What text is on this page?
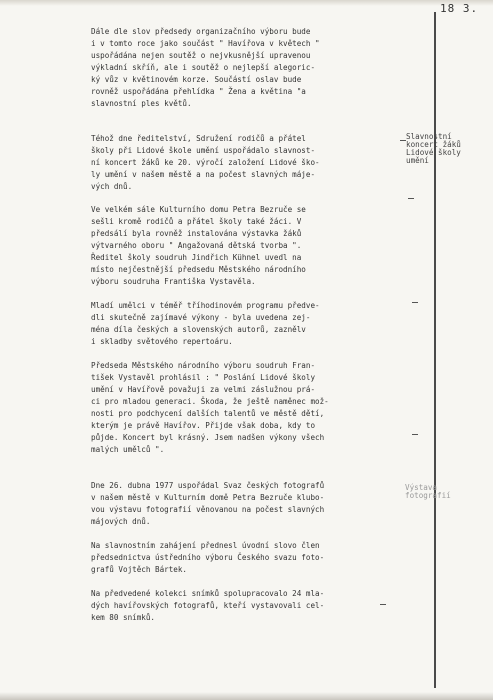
18 3.

Dále dle slov předsedy organizačního výboru bude

i v tomto roce jako součást " Havířova v květech "

uspořádána nejen soutěž o nejvkusnější upravenou

výkladní skříň, ale i soutěž o nejlepší alegoric-

ký vůz v květinovém korze. Součástí oslav bude

rovněž uspořádána přehlídka " Žena a květina "a

slavnostní ples květů.

Téhož dne ředitelství, Sdružení rodičů a přátel

školy při Lidové škole umění uspořádalo slavnost-

ní koncert žáků ke 20. výročí založení Lidové ško-

ly umění v našem městě a na počest slavných máje-

vých dnů.

Ve velkém sále Kulturního domu Petra Bezruče se

sešli kromě rodičů a přátel školy také žáci. V

předsálí byla rovněž instalována výstavka žáků

výtvarného oboru " Angažovaná dětská tvorba ".

Ředitel školy soudruh Jindřich Kühnel uvedl na

místo nejčestnější předsedu Městského národního

výboru soudruha Františka Vystavěla.

Mladí umělci v téměř tříhodinovém programu předve-

dli skutečně zajímavé výkony - byla uvedena zej-

ména díla českých a slovenských autorů, zaznělv

i skladby světového repertoáru.

Předseda Městského národního výboru soudruh Fran-

tišek Vystavěl prohlásil : " Poslání Lidové školy

umění v Havířově považuji za velmi záslužnou prá-

ci pro mladou generaci. Škoda, že ještě naměnec mož-

nosti pro podchycení dalších talentů ve městě dětí,

kterým je právě Havířov. Přijde však doba, kdy to

půjde. Koncert byl krásný. Jsem nadšen výkony všech

malých umělců ".

Dne 26. dubna 1977 uspořádal Svaz českých fotografů

v našem městě v Kulturním domě Petra Bezruče klubo-

vou výstavu fotografií věnovanou na počest slavných

májových dnů.

Na slavnostním zahájení přednesl úvodní slovo člen

předsednictva ústředního výboru Českého svazu foto-

grafů Vojtěch Bártek.

Na předvedené kolekci snímků spolupracovalo 24 mla-

dých havířovských fotografů, kteří vystavovali cel-

kem 80 snímků.

Slavnostní
koncert žáků
Lidové školy
umění
Výstava
fotografií
